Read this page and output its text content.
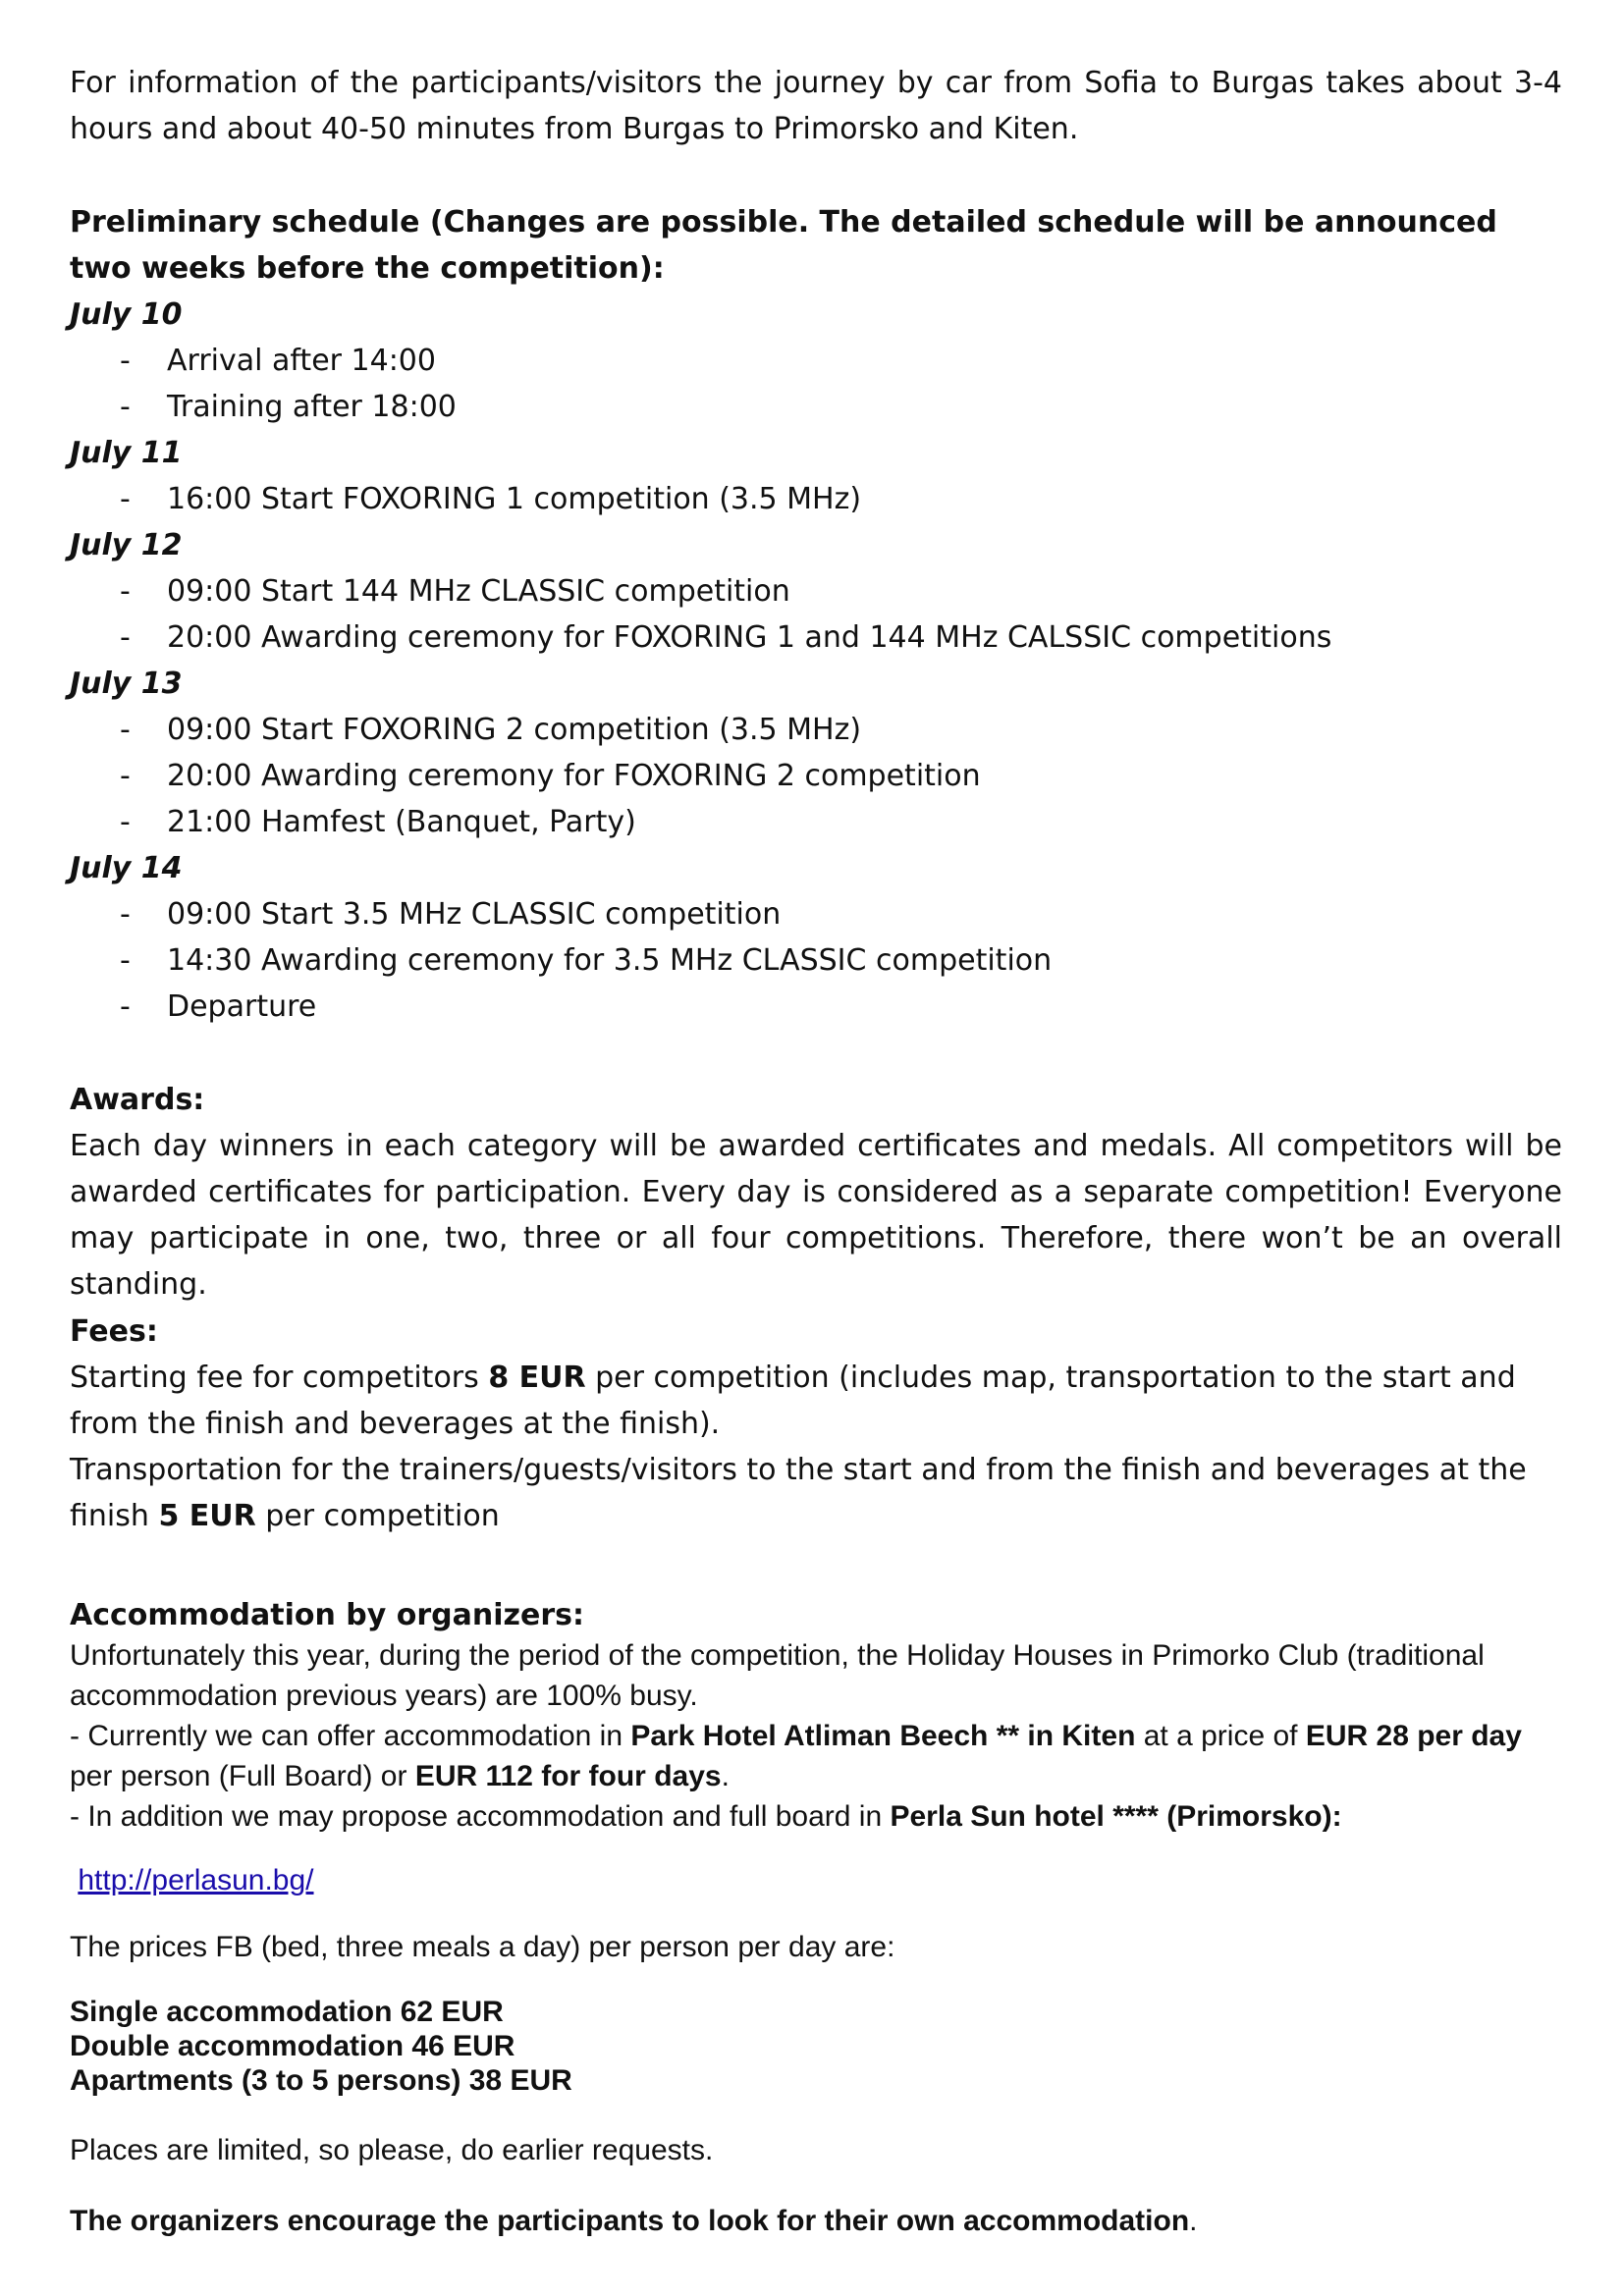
For information of the participants/visitors the journey by car from Sofia to Burgas takes about 3-4 hours and about 40-50 minutes from Burgas to Primorsko and Kiten.

Preliminary schedule (Changes are possible. The detailed schedule will be announced two weeks before the competition):

July 10

- Arrival after 14:00
- Training after 18:00

July 11

- 16:00 Start FOXORING 1 competition (3.5 MHz)

July 12

- 09:00 Start 144 MHz CLASSIC competition
- 20:00 Awarding ceremony for FOXORING 1 and 144 MHz CALSSIC competitions

July 13

- 09:00 Start FOXORING 2 competition (3.5 MHz)
- 20:00 Awarding ceremony for FOXORING 2 competition
- 21:00 Hamfest (Banquet, Party)

July 14

- 09:00 Start 3.5 MHz CLASSIC competition
- 14:30 Awarding ceremony for 3.5 MHz CLASSIC competition
- Departure

Awards:

Each day winners in each category will be awarded certificates and medals. All competitors will be awarded certificates for participation. Every day is considered as a separate competition! Everyone may participate in one, two, three or all four competitions. Therefore, there won’t be an overall standing.

Fees:

Starting fee for competitors 8 EUR per competition (includes map, transportation to the start and from the finish and beverages at the finish).

Transportation for the trainers/guests/visitors to the start and from the finish and beverages at the finish 5 EUR per competition

Accommodation by organizers:

Unfortunately this year, during the period of the competition, the Holiday Houses in Primorko Club (traditional accommodation previous years) are 100% busy.

- Currently we can offer accommodation in Park Hotel Atliman Beech ** in Kiten at a price of EUR 28 per day per person (Full Board) or EUR 112 for four days.

- In addition we may propose accommodation and full board in Perla Sun hotel **** (Primorsko):

http://perlasun.bg/

The prices FB (bed, three meals a day) per person per day are:

Single accommodation 62 EUR

Double accommodation 46 EUR

Apartments (3 to 5 persons) 38 EUR

Places are limited, so please, do earlier requests.

The organizers encourage the participants to look for their own accommodation.
